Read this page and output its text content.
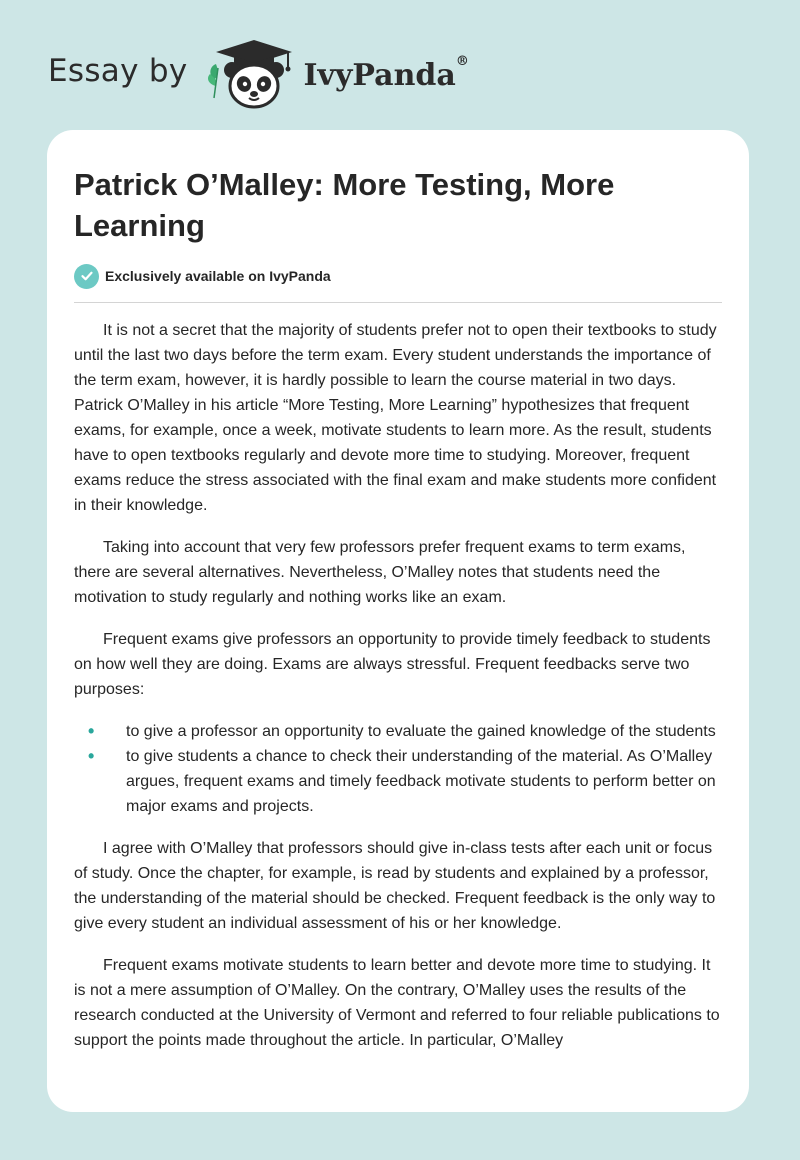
Essay by	IvyPanda®
Patrick O’Malley: More Testing, More Learning
Exclusively available on IvyPanda

It is not a secret that the majority of students prefer not to open their textbooks to study until the last two days before the term exam. Every student understands the importance of the term exam, however, it is hardly possible to learn the course material in two days. Patrick O’Malley in his article “More Testing, More Learning” hypothesizes that frequent exams, for example, once a week, motivate students to learn more. As the result, students have to open textbooks regularly and devote more time to studying. Moreover, frequent exams reduce the stress associated with the final exam and make students more confident in their knowledge.

Taking into account that very few professors prefer frequent exams to term exams, there are several alternatives. Nevertheless, O’Malley notes that students need the motivation to study regularly and nothing works like an exam.

Frequent exams give professors an opportunity to provide timely feedback to students on how well they are doing. Exams are always stressful. Frequent feedbacks serve two purposes:

• to give a professor an opportunity to evaluate the gained knowledge of the students
• to give students a chance to check their understanding of the material. As O’Malley argues, frequent exams and timely feedback motivate students to perform better on major exams and projects.

I agree with O’Malley that professors should give in-class tests after each unit or focus of study. Once the chapter, for example, is read by students and explained by a professor, the understanding of the material should be checked. Frequent feedback is the only way to give every student an individual assessment of his or her knowledge.

Frequent exams motivate students to learn better and devote more time to studying. It is not a mere assumption of O’Malley. On the contrary, O’Malley uses the results of the research conducted at the University of Vermont and referred to four reliable publications to support the points made throughout the article. In particular, O’Malley
